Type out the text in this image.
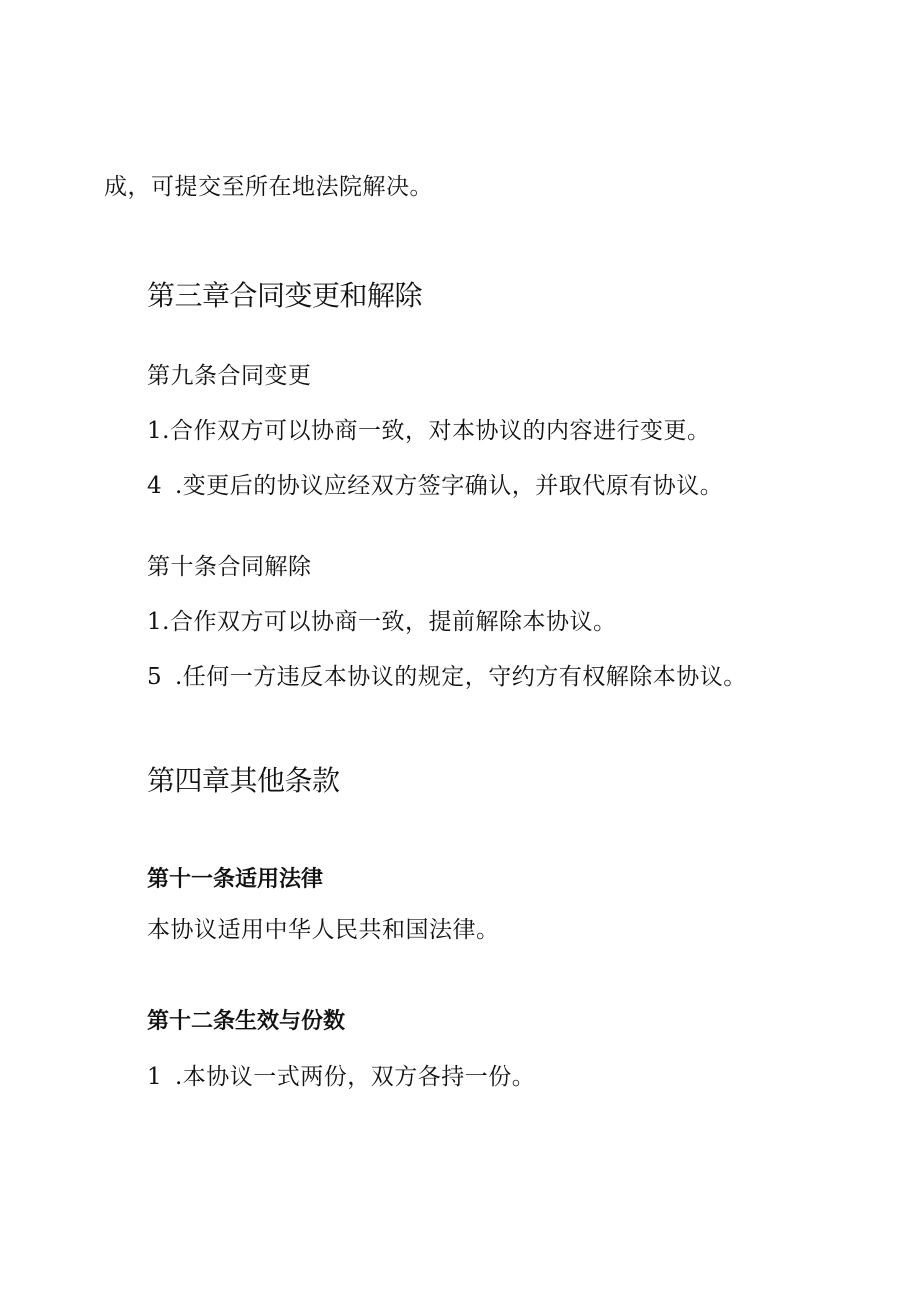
成，可提交至所在地法院解决。
第三章合同变更和解除
第九条合同变更
1.合作双方可以协商一致，对本协议的内容进行变更。
4 .变更后的协议应经双方签字确认，并取代原有协议。
第十条合同解除
1.合作双方可以协商一致，提前解除本协议。
5 .任何一方违反本协议的规定，守约方有权解除本协议。
第四章其他条款
第十一条适用法律
本协议适用中华人民共和国法律。
第十二条生效与份数
1 .本协议一式两份，双方各持一份。
